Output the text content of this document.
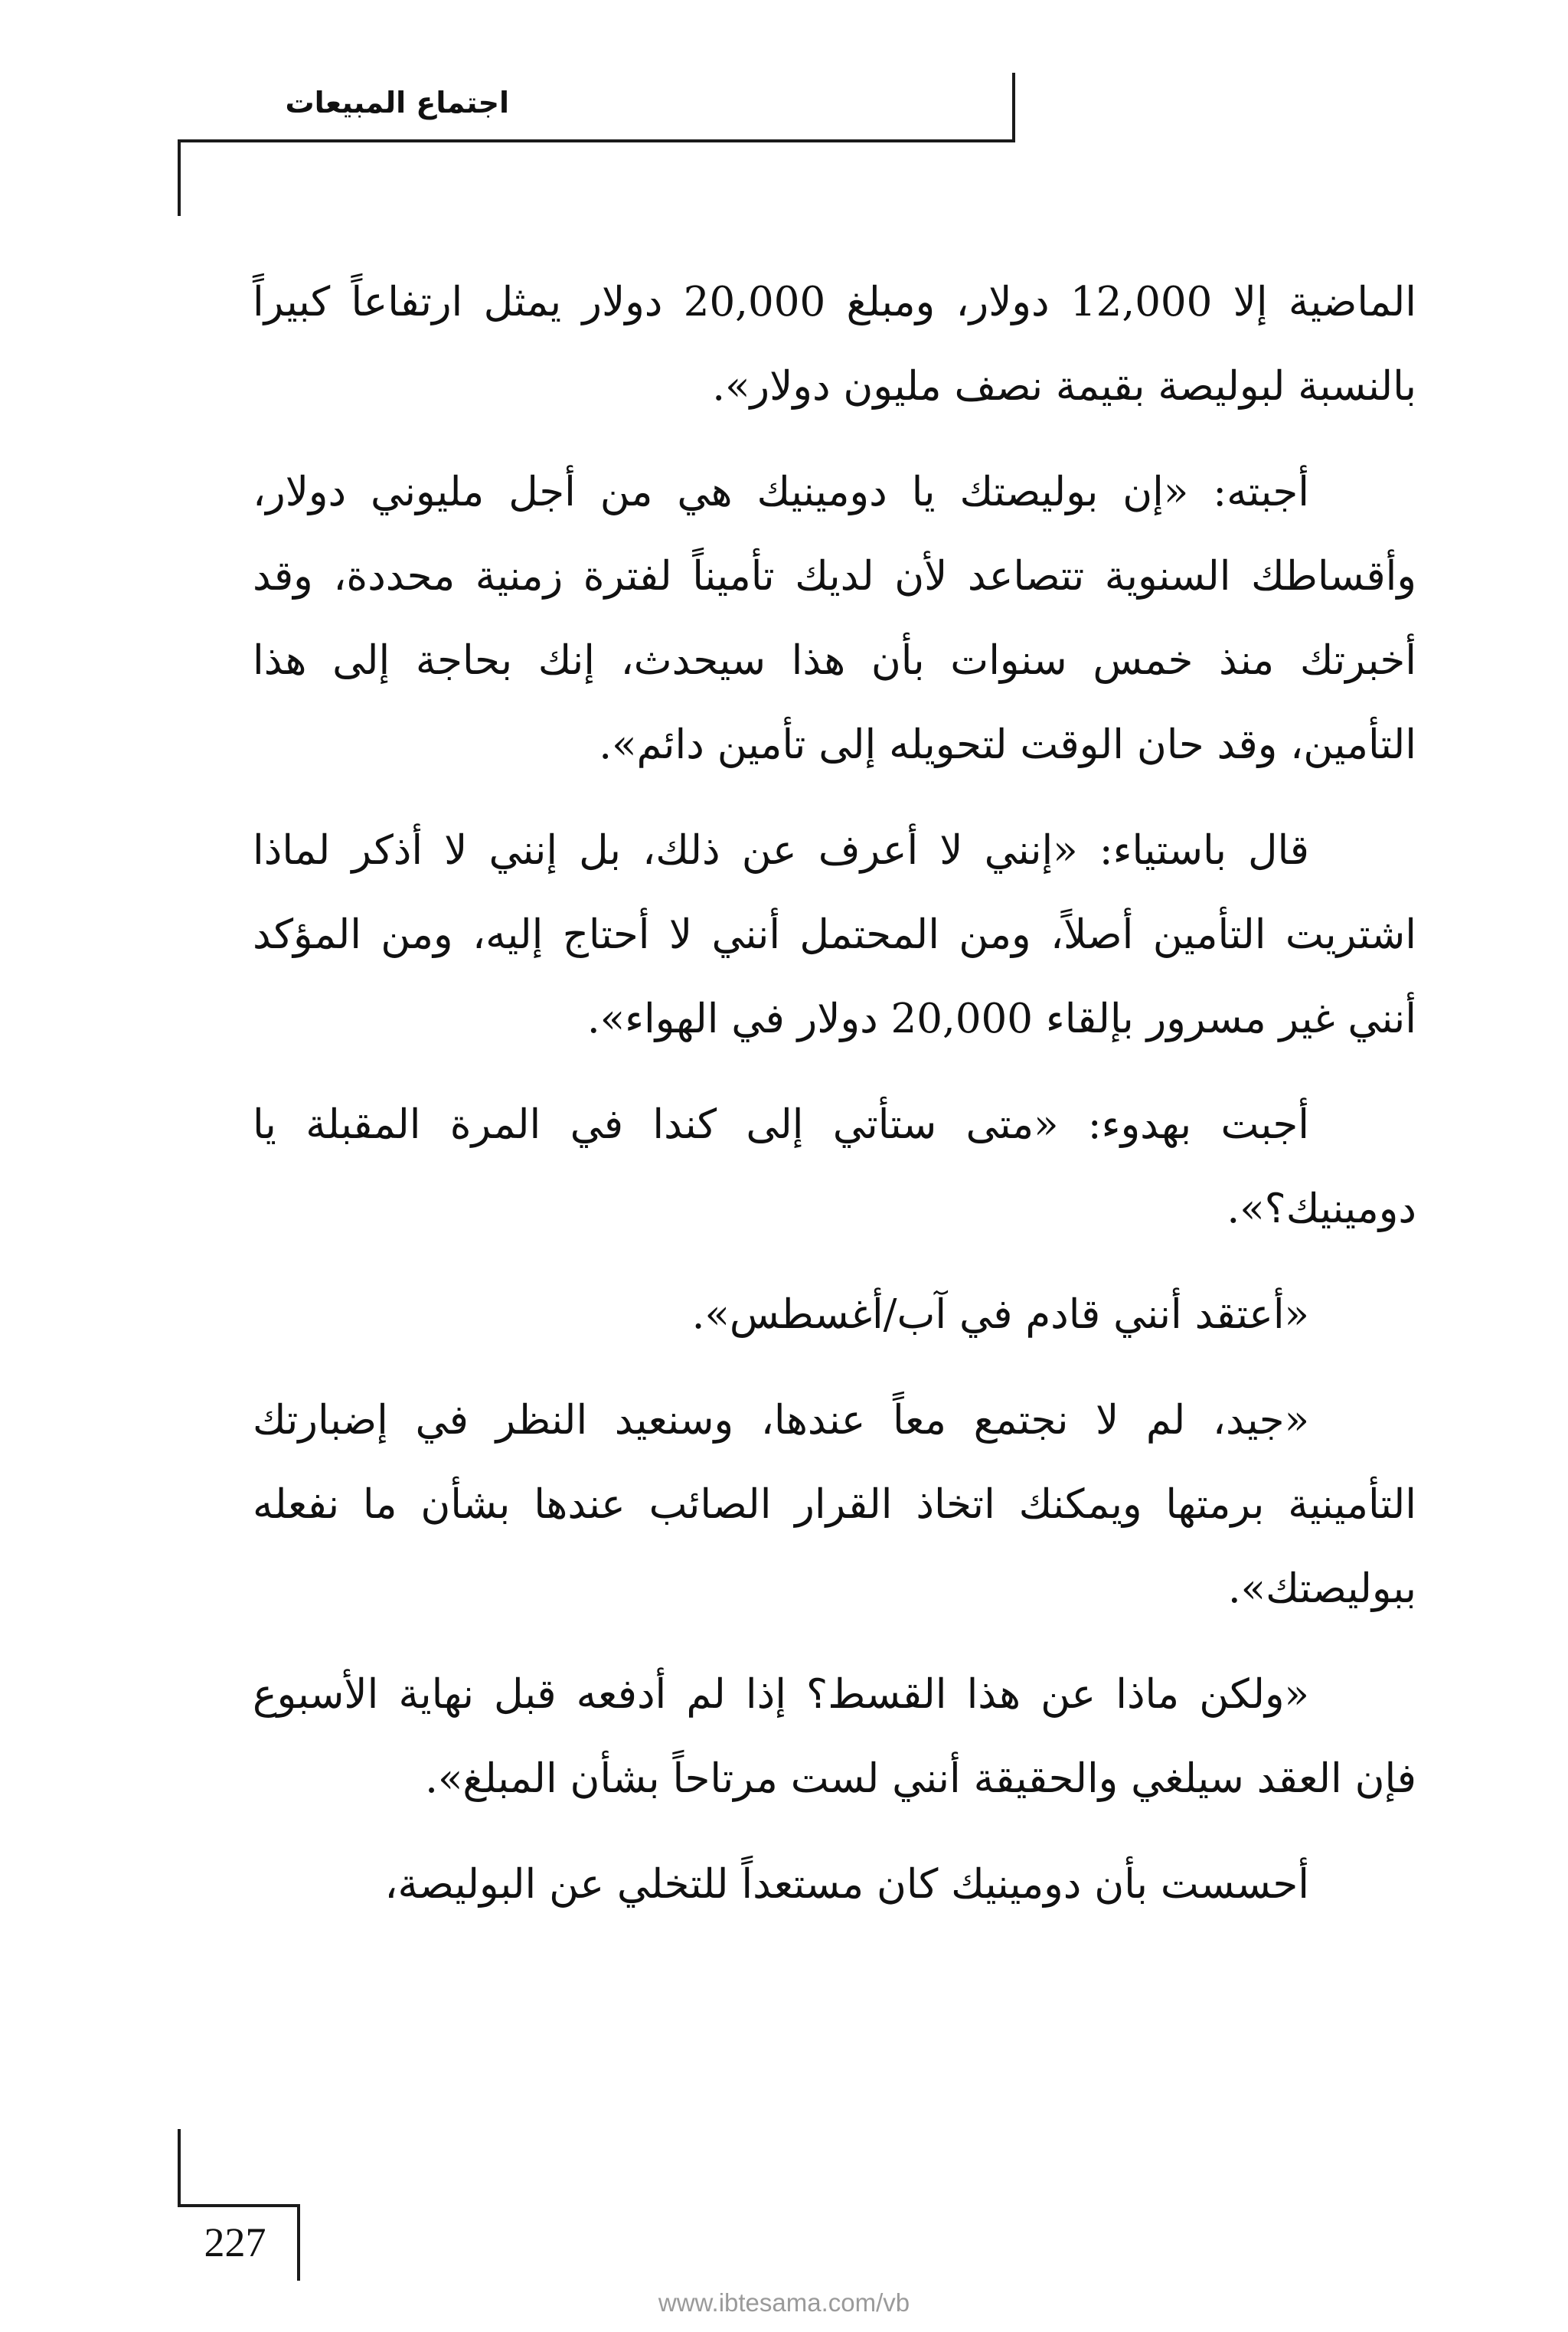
اجتماع المبيعات

الماضية إلا 12,000 دولار، ومبلغ 20,000 دولار يمثل ارتفاعاً كبيراً بالنسبة لبوليصة بقيمة نصف مليون دولار».

أجبته: «إن بوليصتك يا دومينيك هي من أجل مليوني دولار، وأقساطك السنوية تتصاعد لأن لديك تأميناً لفترة زمنية محددة، وقد أخبرتك منذ خمس سنوات بأن هذا سيحدث، إنك بحاجة إلى هذا التأمين، وقد حان الوقت لتحويله إلى تأمين دائم».

قال باستياء: «إنني لا أعرف عن ذلك، بل إنني لا أذكر لماذا اشتريت التأمين أصلاً، ومن المحتمل أنني لا أحتاج إليه، ومن المؤكد أنني غير مسرور بإلقاء 20,000 دولار في الهواء».

أجبت بهدوء: «متى ستأتي إلى كندا في المرة المقبلة يا دومينيك؟».

«أعتقد أنني قادم في آب/أغسطس».

«جيد، لم لا نجتمع معاً عندها، وسنعيد النظر في إضبارتك التأمينية برمتها ويمكنك اتخاذ القرار الصائب عندها بشأن ما نفعله ببوليصتك».

«ولكن ماذا عن هذا القسط؟ إذا لم أدفعه قبل نهاية الأسبوع فإن العقد سيلغي والحقيقة أنني لست مرتاحاً بشأن المبلغ».

أحسست بأن دومينيك كان مستعداً للتخلي عن البوليصة،

227
www.ibtesama.com/vb
